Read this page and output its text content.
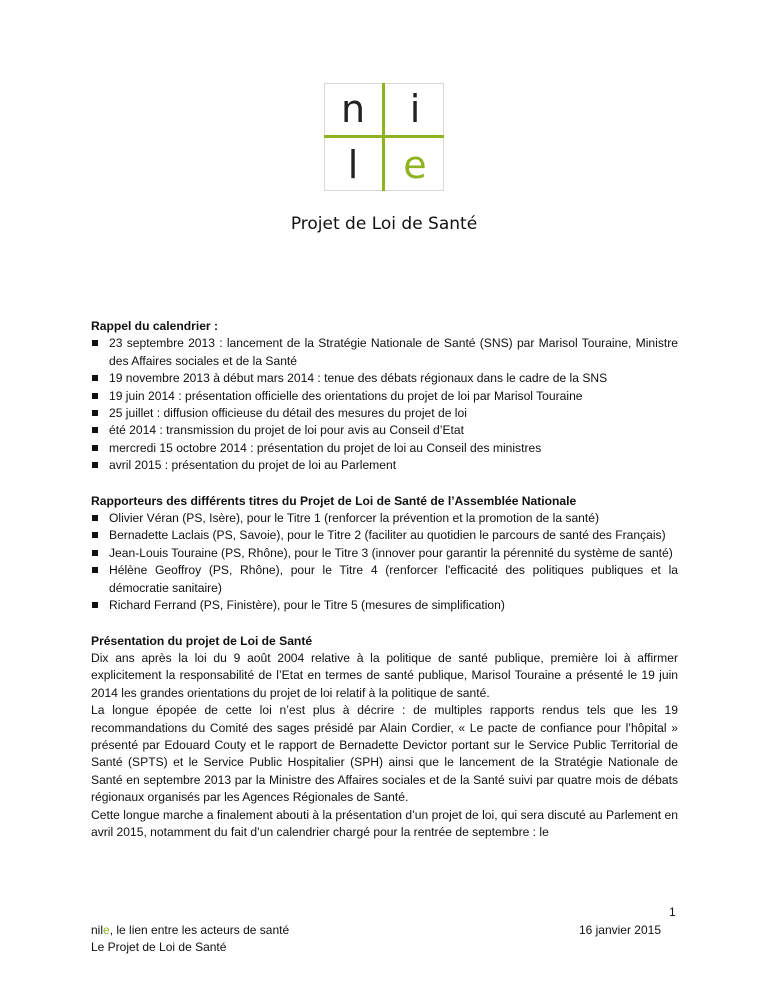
n	i
l	e
Projet de Loi de Santé
Rappel du calendrier :
23 septembre 2013 : lancement de la Stratégie Nationale de Santé (SNS) par Marisol Touraine, Ministre des Affaires sociales et de la Santé
19 novembre 2013 à début mars 2014 : tenue des débats régionaux dans le cadre de la SNS
19 juin 2014 : présentation officielle des orientations du projet de loi par Marisol Touraine
25 juillet : diffusion officieuse du détail des mesures du projet de loi
été 2014 : transmission du projet de loi pour avis au Conseil d’Etat
mercredi 15 octobre 2014 : présentation du projet de loi au Conseil des ministres
avril 2015 : présentation du projet de loi au Parlement
Rapporteurs des différents titres du Projet de Loi de Santé de l’Assemblée Nationale
Olivier Véran (PS, Isère), pour le Titre 1 (renforcer la prévention et la promotion de la santé)
Bernadette Laclais (PS, Savoie), pour le Titre 2 (faciliter au quotidien le parcours de santé des Français)
Jean-Louis Touraine (PS, Rhône), pour le Titre 3 (innover pour garantir la pérennité du système de santé)
Hélène Geoffroy (PS, Rhône), pour le Titre 4 (renforcer l'efficacité des politiques publiques et la démocratie sanitaire)
Richard Ferrand (PS, Finistère), pour le Titre 5 (mesures de simplification)
Présentation du projet de Loi de Santé

Dix ans après la loi du 9 août 2004 relative à la politique de santé publique, première loi à affirmer explicitement la responsabilité de l’Etat en termes de santé publique, Marisol Touraine a présenté le 19 juin 2014 les grandes orientations du projet de loi relatif à la politique de santé.

La longue épopée de cette loi n’est plus à décrire : de multiples rapports rendus tels que les 19 recommandations du Comité des sages présidé par Alain Cordier, « Le pacte de confiance pour l’hôpital » présenté par Edouard Couty et le rapport de Bernadette Devictor portant sur le Service Public Territorial de Santé (SPTS) et le Service Public Hospitalier (SPH) ainsi que le lancement de la Stratégie Nationale de Santé en septembre 2013 par la Ministre des Affaires sociales et de la Santé suivi par quatre mois de débats régionaux organisés par les Agences Régionales de Santé.

Cette longue marche a finalement abouti à la présentation d’un projet de loi, qui sera discuté au Parlement en avril 2015, notamment du fait d’un calendrier chargé pour la rentrée de septembre : le

1
nile, le lien entre les acteurs de santé	16 janvier 2015
Le Projet de Loi de Santé
